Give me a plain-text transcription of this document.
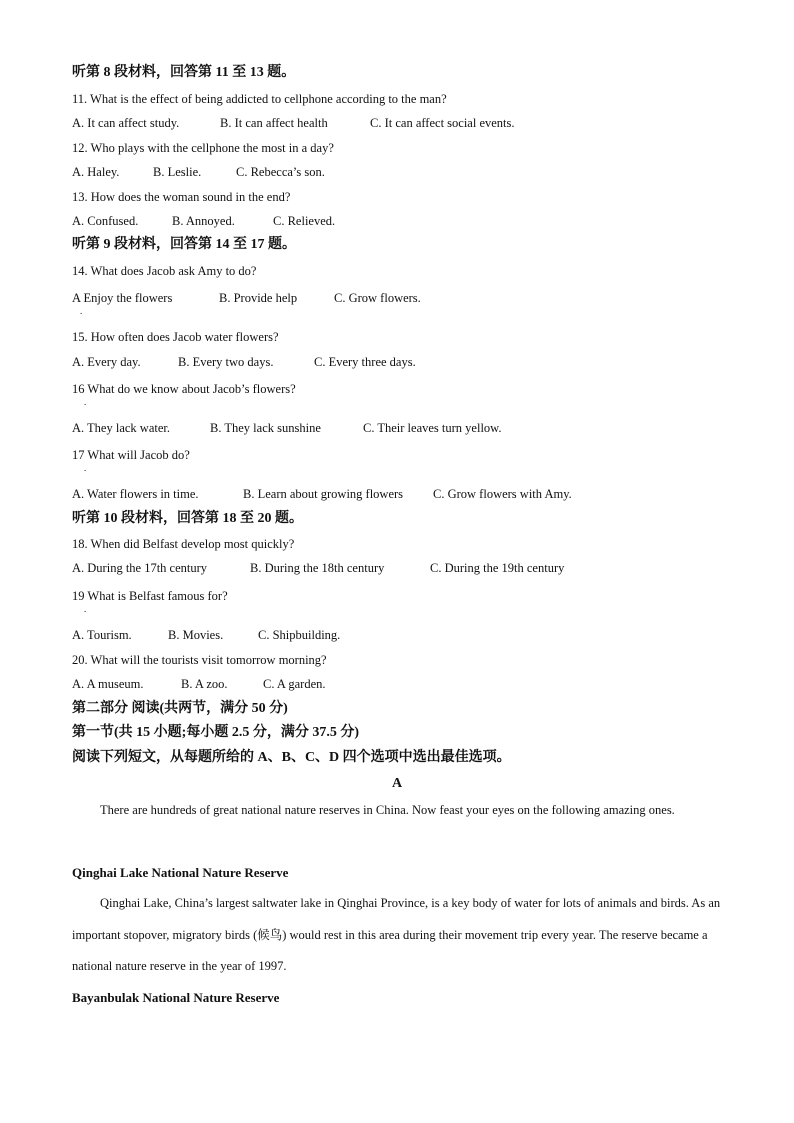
听第 8 段材料，回答第 11 至 13 题。
11. What is the effect of being addicted to cellphone according to the man?
A. It can affect study.	B. It can affect health	C. It can affect social events.
12. Who plays with the cellphone the most in a day?
A. Haley.	B. Leslie.	C. Rebecca’s son.
13. How does the woman sound in the end?
A. Confused.	B. Annoyed.	C. Relieved.
听第 9 段材料，回答第 14 至 17 题。
14. What does Jacob ask Amy to do?
A Enjoy the flowers	B. Provide help	C. Grow flowers.
.
15. How often does Jacob water flowers?
A. Every day.	B. Every two days.	C. Every three days.
16 What do we know about Jacob’s flowers?
.
A. They lack water.	B. They lack sunshine	C. Their leaves turn yellow.
17 What will Jacob do?
.
A. Water flowers in time.	B. Learn about growing flowers C. Grow flowers with Amy.
听第 10 段材料，回答第 18 至 20 题。
18. When did Belfast develop most quickly?
A. During the 17th century	B. During the 18th century	C. During the 19th century
19 What is Belfast famous for?
.
A. Tourism.	B. Movies.	C. Shipbuilding.
20. What will the tourists visit tomorrow morning?
A. A museum.	B. A zoo.	C. A garden.
第二部分 阅读(共两节，满分 50 分)
第一节(共 15 小题;每小题 2.5 分，满分 37.5 分)
阅读下列短文，从每题所给的 A、B、C、D 四个选项中选出最佳选项。
A
There are hundreds of great national nature reserves in China. Now feast your eyes on the following amazing ones.
Qinghai Lake National Nature Reserve
Qinghai Lake, China’s largest saltwater lake in Qinghai Province, is a key body of water for lots of animals and birds. As an important stopover, migratory birds (候鸟) would rest in this area during their movement trip every year. The reserve became a national nature reserve in the year of 1997.
Bayanbulak National Nature Reserve
